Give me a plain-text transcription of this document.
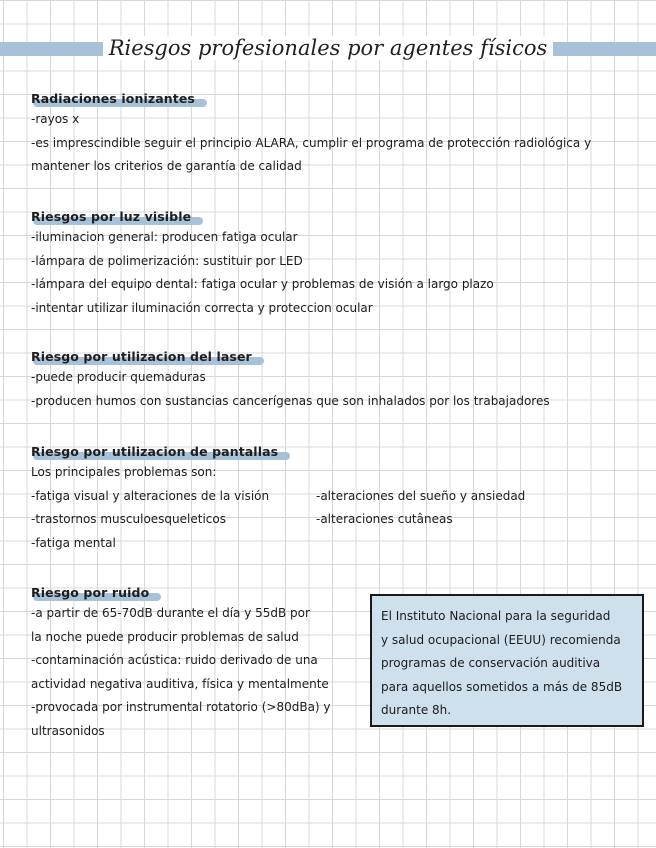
Riesgos profesionales por agentes físicos
Radiaciones ionizantes
-rayos x
-es imprescindible seguir el principio ALARA, cumplir el programa de protección radiológica y
mantener los criterios de garantía de calidad
Riesgos por luz visible
-iluminacion general: producen fatiga ocular
-lámpara de polimerización: sustituir por LED
-lámpara del equipo dental: fatiga ocular y problemas de visión a largo plazo
-intentar utilizar iluminación correcta y proteccion ocular
Riesgo por utilizacion del laser
-puede producir quemaduras
-producen humos con sustancias cancerígenas que son inhalados por los trabajadores
Riesgo por utilizacion de pantallas
Los principales problemas son:
-fatiga visual y alteraciones de la visión
-trastornos musculoesqueleticos
-fatiga mental
-alteraciones del sueño y ansiedad
-alteraciones cutâneas
Riesgo por ruido
-a partir de 65-70dB durante el día y 55dB por
la noche puede producir problemas de salud
-contaminación acústica: ruido derivado de una
actividad negativa auditiva, física y mentalmente
-provocada por instrumental rotatorio (>80dBa) y
ultrasonidos
El Instituto Nacional para la seguridad
y salud ocupacional (EEUU) recomienda
programas de conservación auditiva
para aquellos sometidos a más de 85dB
durante 8h.
